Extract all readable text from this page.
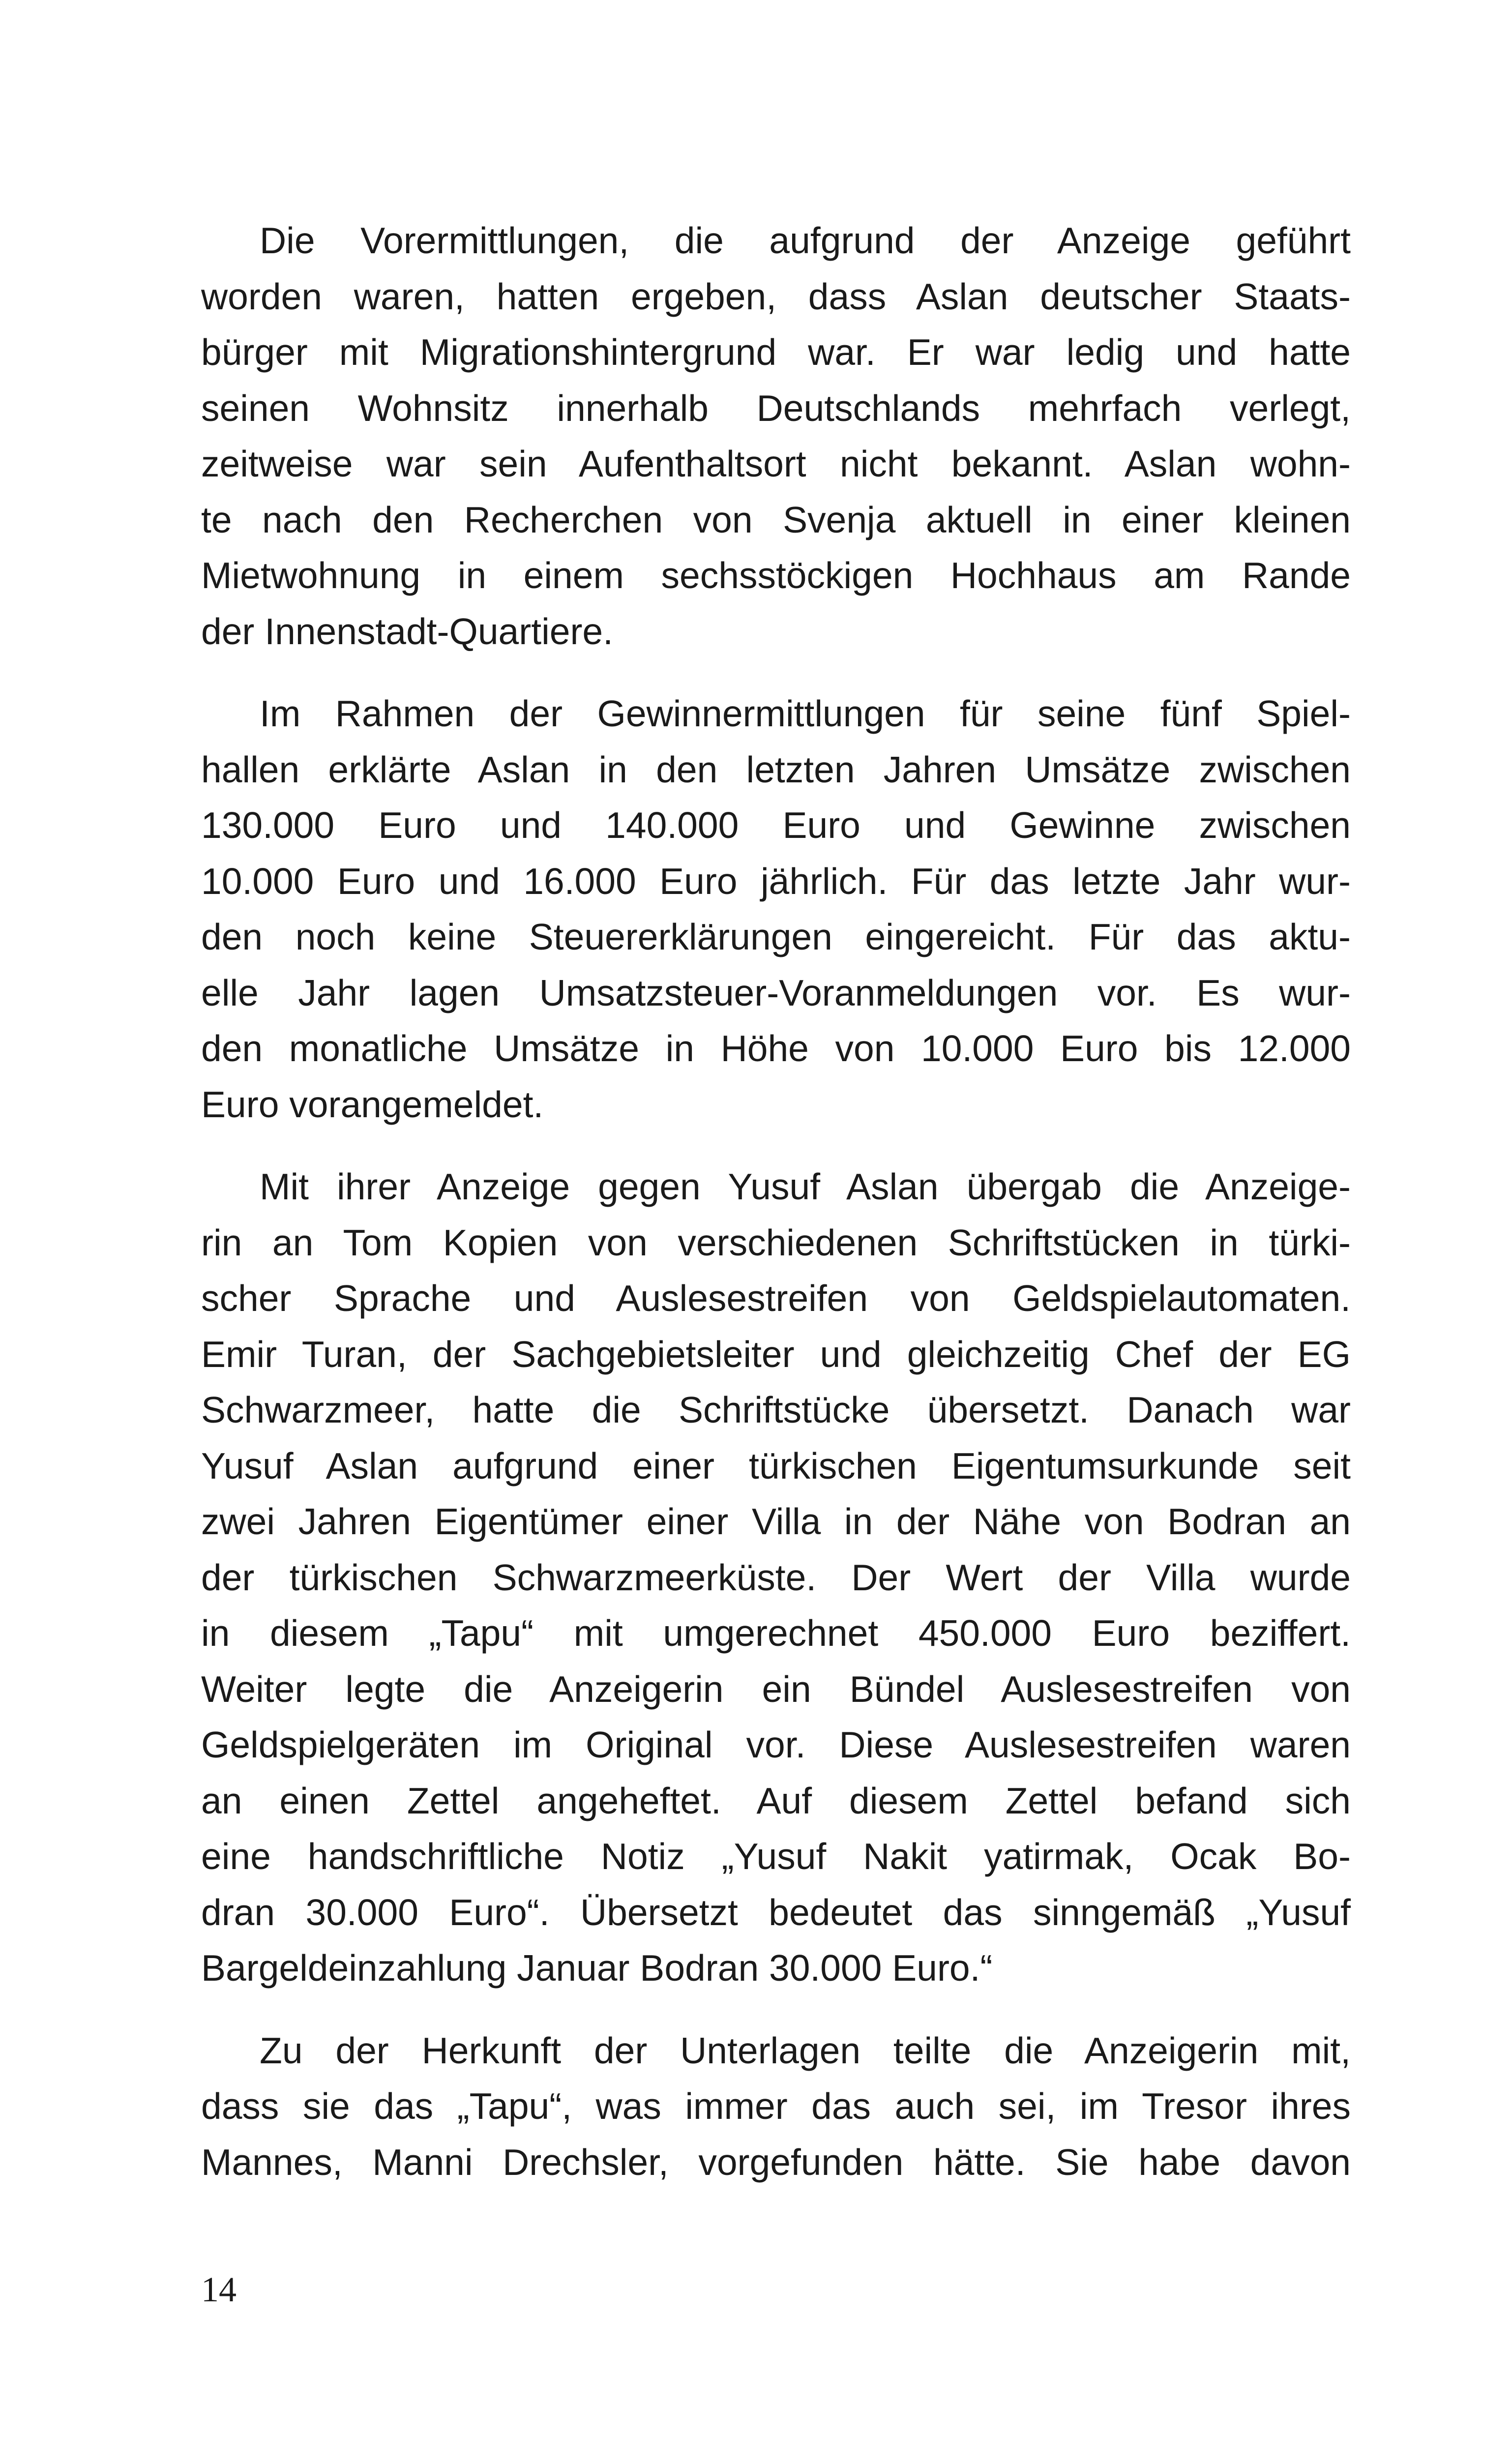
Die Vorermittlungen, die aufgrund der Anzeige geführt
worden waren, hatten ergeben, dass Aslan deutscher Staats-
bürger mit Migrationshintergrund war. Er war ledig und hatte
seinen Wohnsitz innerhalb Deutschlands mehrfach verlegt,
zeitweise war sein Aufenthaltsort nicht bekannt. Aslan wohn-
te nach den Recherchen von Svenja aktuell in einer kleinen
Mietwohnung in einem sechsstöckigen Hochhaus am Rande
der Innenstadt-Quartiere.
Im Rahmen der Gewinnermittlungen für seine fünf Spiel-
hallen erklärte Aslan in den letzten Jahren Umsätze zwischen
130.000 Euro und 140.000 Euro und Gewinne zwischen
10.000 Euro und 16.000 Euro jährlich. Für das letzte Jahr wur-
den noch keine Steuererklärungen eingereicht. Für das aktu-
elle Jahr lagen Umsatzsteuer-Voranmeldungen vor. Es wur-
den monatliche Umsätze in Höhe von 10.000 Euro bis 12.000
Euro vorangemeldet.
Mit ihrer Anzeige gegen Yusuf Aslan übergab die Anzeige-
rin an Tom Kopien von verschiedenen Schriftstücken in türki-
scher Sprache und Auslesestreifen von Geldspielautomaten.
Emir Turan, der Sachgebietsleiter und gleichzeitig Chef der EG
Schwarzmeer, hatte die Schriftstücke übersetzt. Danach war
Yusuf Aslan aufgrund einer türkischen Eigentumsurkunde seit
zwei Jahren Eigentümer einer Villa in der Nähe von Bodran an
der türkischen Schwarzmeerküste. Der Wert der Villa wurde
in diesem „Tapu“ mit umgerechnet 450.000 Euro beziffert.
Weiter legte die Anzeigerin ein Bündel Auslesestreifen von
Geldspielgeräten im Original vor. Diese Auslesestreifen waren
an einen Zettel angeheftet. Auf diesem Zettel befand sich
eine handschriftliche Notiz „Yusuf Nakit yatirmak, Ocak Bo-
dran 30.000 Euro“. Übersetzt bedeutet das sinngemäß „Yusuf
Bargeldeinzahlung Januar Bodran 30.000 Euro.“
Zu der Herkunft der Unterlagen teilte die Anzeigerin mit,
dass sie das „Tapu“, was immer das auch sei, im Tresor ihres
Mannes, Manni Drechsler, vorgefunden hätte. Sie habe davon
14
